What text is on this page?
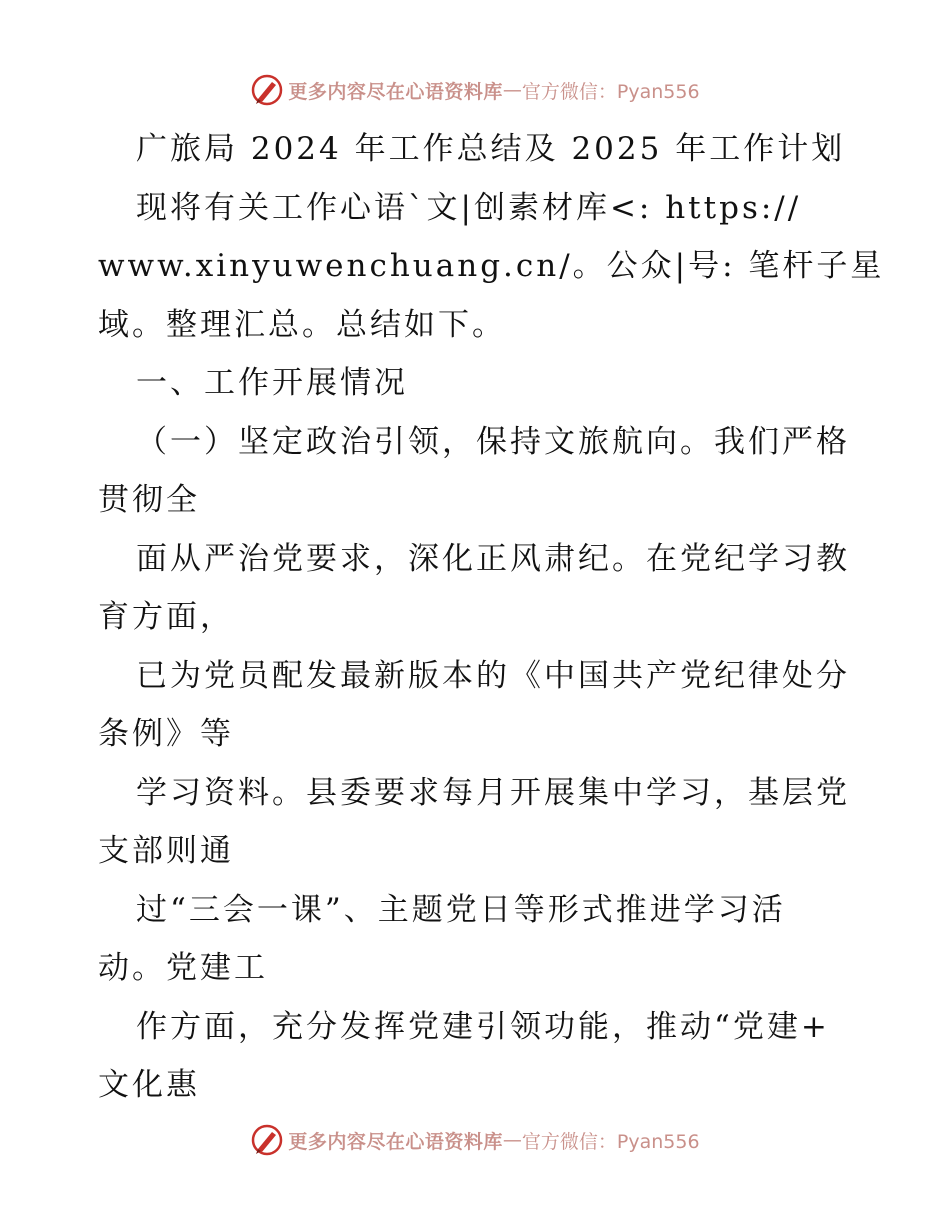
更多内容尽在心语资料库 — 官方微信：Pyan556
广旅局 2024 年工作总结及 2025 年工作计划
现将有关工作心语`文|创素材库<: https://
www.xinyuwenchuang.cn/。公众|号: 笔杆子星
域。整理汇总。总结如下。
一、工作开展情况
（一）坚定政治引领，保持文旅航向。我们严格
贯彻全
面从严治党要求，深化正风肃纪。在党纪学习教
育方面，
已为党员配发最新版本的《中国共产党纪律处分
条例》等
学习资料。县委要求每月开展集中学习，基层党
支部则通
过“三会一课”、主题党日等形式推进学习活
动。党建工
作方面，充分发挥党建引领功能，推动“党建+
文化惠
更多内容尽在心语资料库 — 官方微信：Pyan556
